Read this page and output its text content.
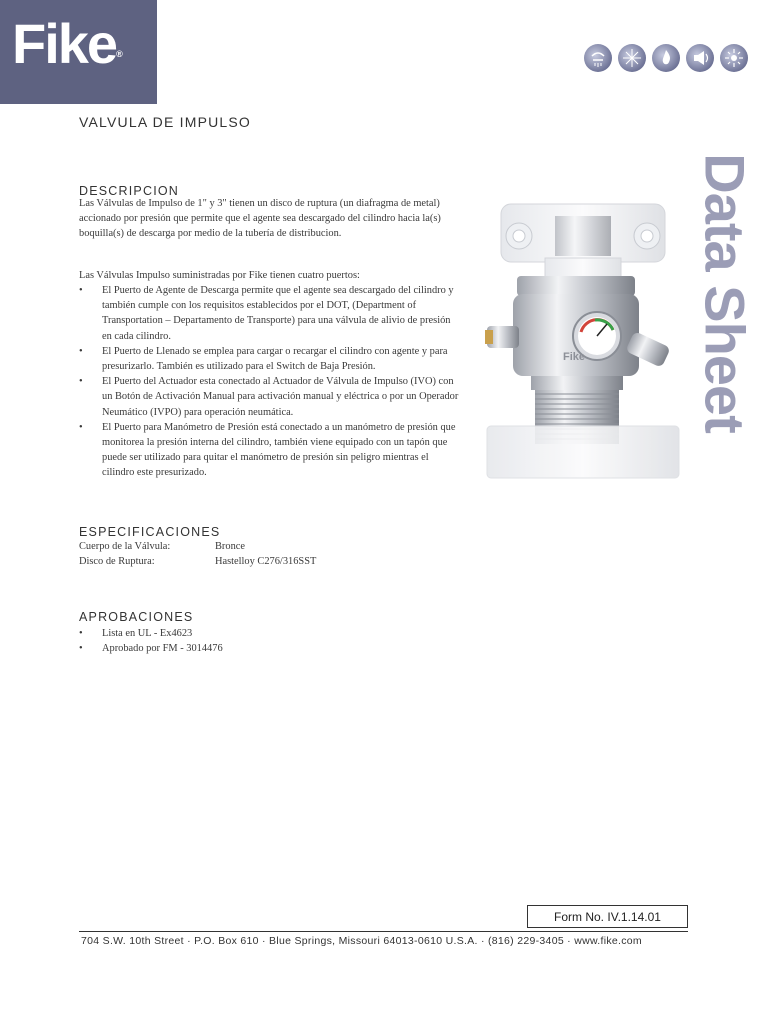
Fike®
VALVULA DE IMPULSO
Data Sheet
DESCRIPCION

Las Válvulas de Impulso de 1" y 3" tienen un disco de ruptura (un diafragma de metal) accionado por presión que permite que el agente sea descargado del cilindro hacia la(s) boquilla(s) de descarga por medio de la tubería de distribucion.

Las Válvulas Impulso suministradas por Fike tienen cuatro puertos:

• El Puerto de Agente de Descarga permite que el agente sea descargado del cilindro y también cumple con los requisitos establecidos por el DOT, (Department of Transportation – Departamento de Transporte) para una válvula de alivio de presión en cada cilindro.
• El Puerto de Llenado se emplea para cargar o recargar el cilindro con agente y para presurizarlo. También es utilizado para el Switch de Baja Presión.
• El Puerto del Actuador esta conectado al Actuador de Válvula de Impulso (IVO) con un Botón de Activación Manual para activación manual y eléctrica o por un Operador Neumático (IVPO) para operación neumática.
• El Puerto para Manómetro de Presión está conectado a un manómetro de presión que monitorea la presión interna del cilindro, también viene equipado con un tapón que puede ser utilizado para quitar el manómetro de presión sin peligro mientras el cilindro este presurizado.
Fike
ESPECIFICACIONES
Cuerpo de la Válvula:	Bronce
Disco de Ruptura:	Hastelloy C276/316SST
APROBACIONES
• Lista en UL - Ex4623
• Aprobado por FM - 3014476
Form No. IV.1.14.01
704 S.W. 10th Street · P.O. Box 610 · Blue Springs, Missouri 64013-0610 U.S.A. · (816) 229-3405 · www.fike.com
